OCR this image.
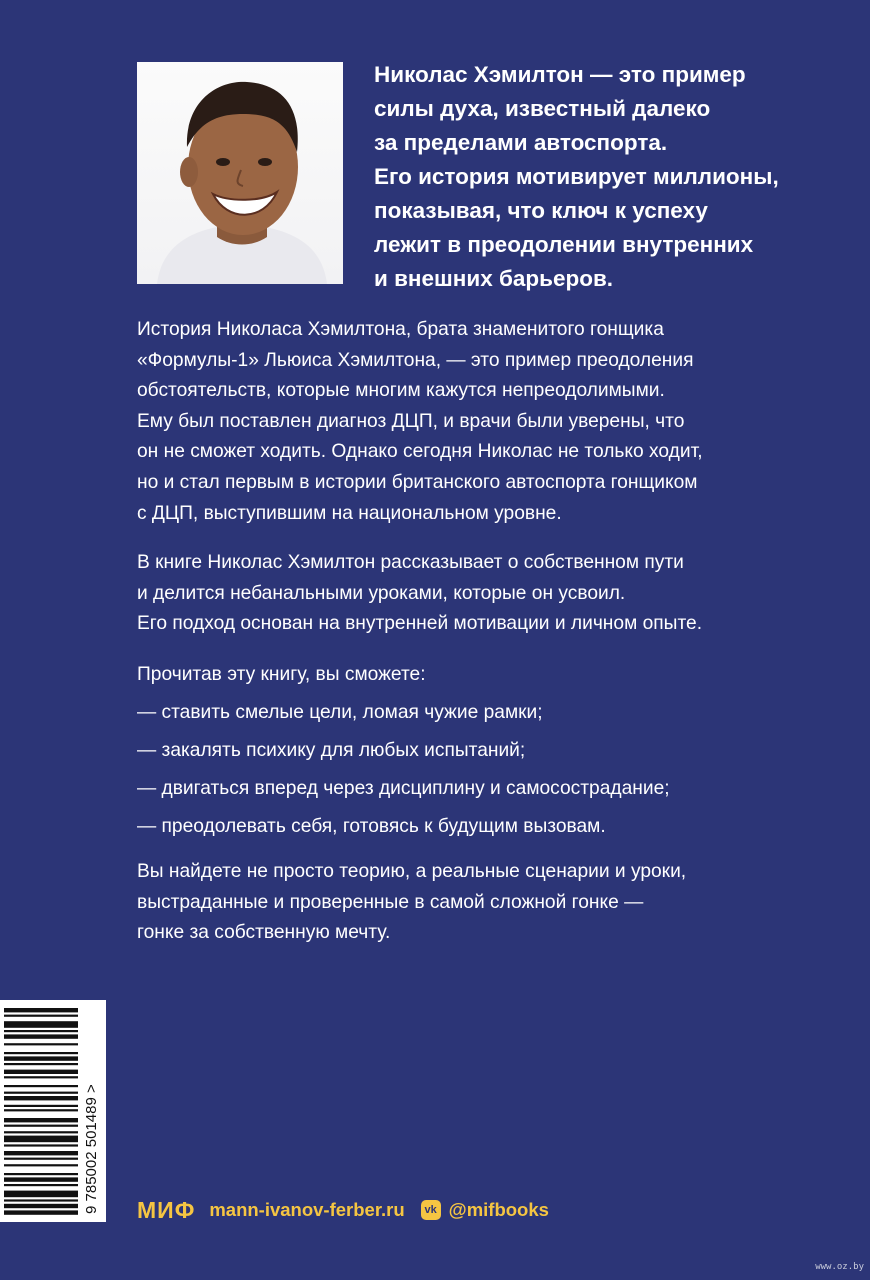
Николас Хэмилтон — это пример
силы духа, известный далеко
за пределами автоспорта.
Его история мотивирует миллионы,
показывая, что ключ к успеху
лежит в преодолении внутренних
и внешних барьеров.

История Николаса Хэмилтона, брата знаменитого гонщика
«Формулы-1» Льюиса Хэмилтона, — это пример преодоления
обстоятельств, которые многим кажутся непреодолимыми.
Ему был поставлен диагноз ДЦП, и врачи были уверены, что
он не сможет ходить. Однако сегодня Николас не только ходит,
но и стал первым в истории британского автоспорта гонщиком
с ДЦП, выступившим на национальном уровне.

В книге Николас Хэмилтон рассказывает о собственном пути
и делится небанальными уроками, которые он усвоил.
Его подход основан на внутренней мотивации и личном опыте.

Прочитав эту книгу, вы сможете:
— ставить смелые цели, ломая чужие рамки;
— закалять психику для любых испытаний;
— двигаться вперед через дисциплину и самосострадание;
— преодолевать себя, готовясь к будущим вызовам.

Вы найдете не просто теорию, а реальные сценарии и уроки,
выстраданные и проверенные в самой сложной гонке —
гонке за собственную мечту.

9 785002 501489 > МИФ mann-ivanov-ferber.ru	vk @mifbooks
www.oz.by
